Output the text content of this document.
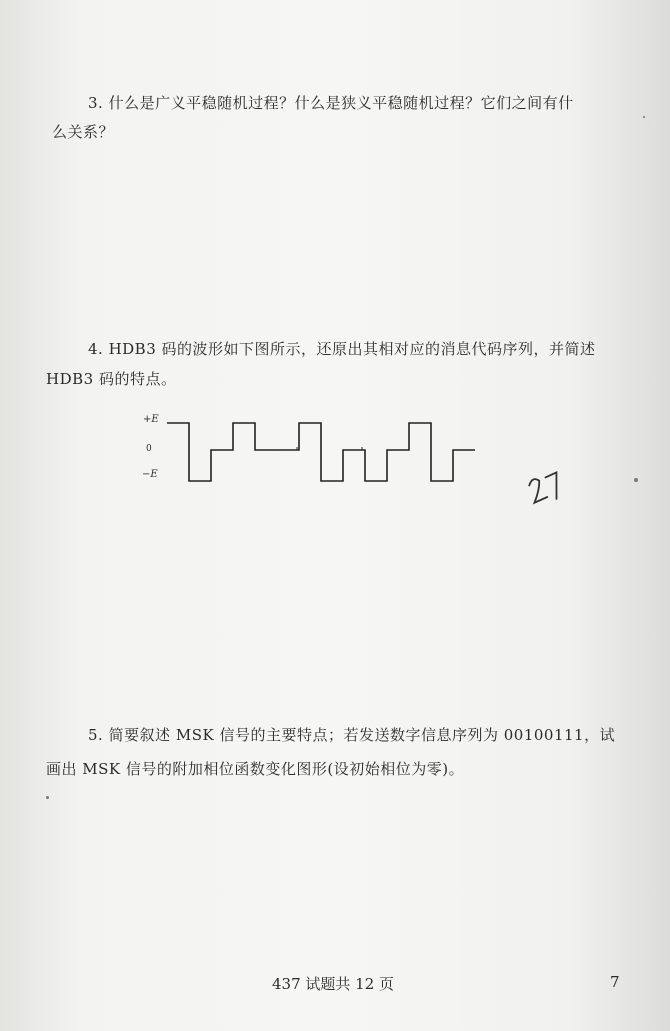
3. 什么是广义平稳随机过程？什么是狭义平稳随机过程？它们之间有什
么关系？
4. HDB3 码的波形如下图所示，还原出其相对应的消息代码序列，并简述
HDB3 码的特点。
+E
0
−E
5. 简要叙述 MSK 信号的主要特点；若发送数字信息序列为 00100111，试
画出 MSK 信号的附加相位函数变化图形(设初始相位为零)。
437 试题共 12 页	7
